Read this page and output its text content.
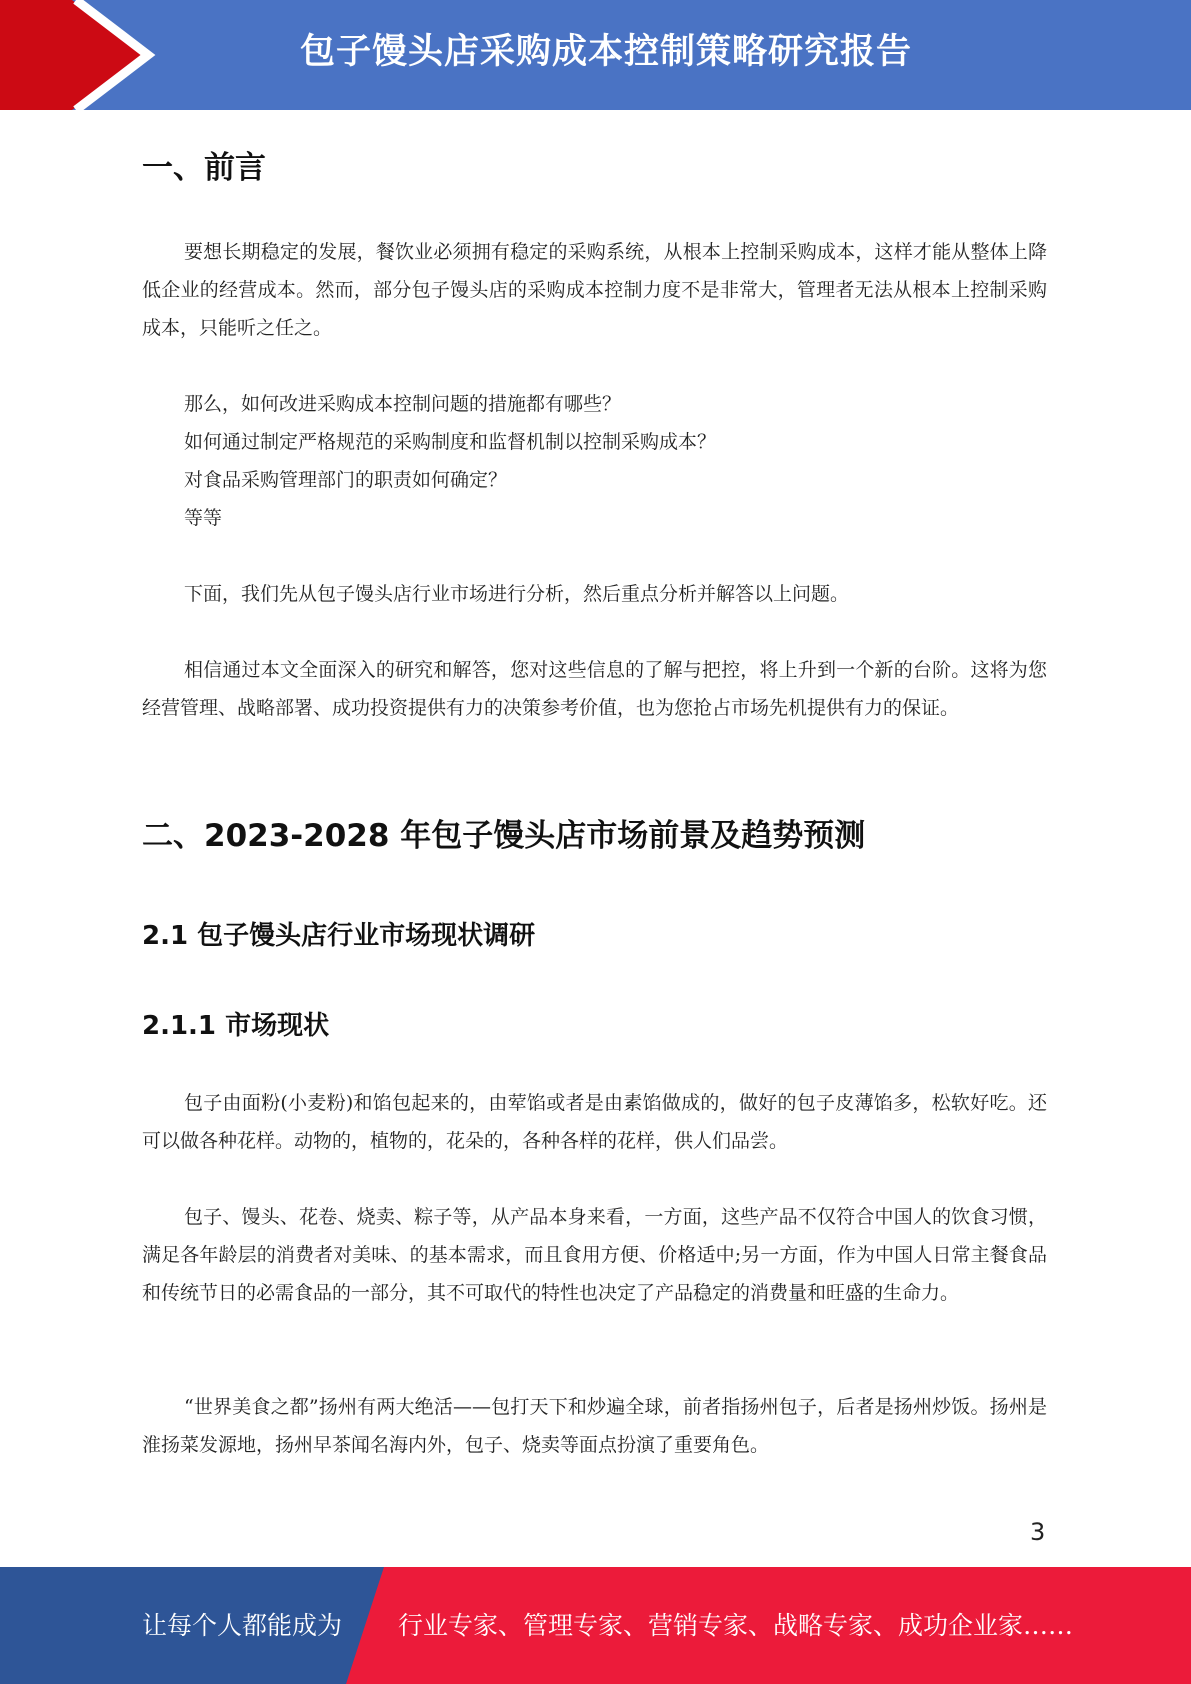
包子馒头店采购成本控制策略研究报告
一、前言

要想长期稳定的发展，餐饮业必须拥有稳定的采购系统，从根本上控制采购成本，这样才能从整体上降低企业的经营成本。然而，部分包子馒头店的采购成本控制力度不是非常大，管理者无法从根本上控制采购成本，只能听之任之。

那么，如何改进采购成本控制问题的措施都有哪些？
如何通过制定严格规范的采购制度和监督机制以控制采购成本？
对食品采购管理部门的职责如何确定？
等等

下面，我们先从包子馒头店行业市场进行分析，然后重点分析并解答以上问题。

相信通过本文全面深入的研究和解答，您对这些信息的了解与把控，将上升到一个新的台阶。这将为您经营管理、战略部署、成功投资提供有力的决策参考价值，也为您抢占市场先机提供有力的保证。

二、2023-2028 年包子馒头店市场前景及趋势预测
2.1 包子馒头店行业市场现状调研
2.1.1 市场现状

包子由面粉(小麦粉)和馅包起来的，由荤馅或者是由素馅做成的，做好的包子皮薄馅多，松软好吃。还可以做各种花样。动物的，植物的，花朵的，各种各样的花样，供人们品尝。

包子、馒头、花卷、烧卖、粽子等，从产品本身来看，一方面，这些产品不仅符合中国人的饮食习惯，满足各年龄层的消费者对美味、的基本需求，而且食用方便、价格适中;另一方面，作为中国人日常主餐食品和传统节日的必需食品的一部分，其不可取代的特性也决定了产品稳定的消费量和旺盛的生命力。

“世界美食之都”扬州有两大绝活——包打天下和炒遍全球，前者指扬州包子，后者是扬州炒饭。扬州是淮扬菜发源地，扬州早茶闻名海内外，包子、烧卖等面点扮演了重要角色。

3
让每个人都能成为 行业专家、管理专家、营销专家、战略专家、成功企业家……
